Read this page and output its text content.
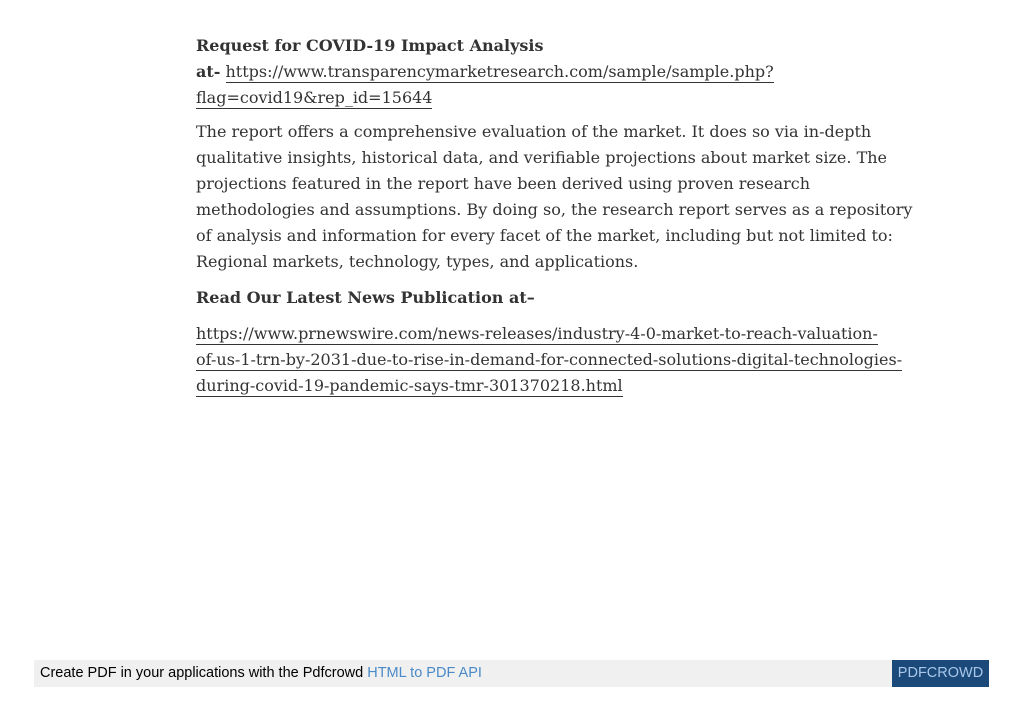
Request for COVID-19 Impact Analysis
at- https://www.transparencymarketresearch.com/sample/sample.php?
flag=covid19&rep_id=15644
The report offers a comprehensive evaluation of the market. It does so via in-depth
qualitative insights, historical data, and verifiable projections about market size. The
projections featured in the report have been derived using proven research
methodologies and assumptions. By doing so, the research report serves as a repository
of analysis and information for every facet of the market, including but not limited to:
Regional markets, technology, types, and applications.
Read Our Latest News Publication at–
https://www.prnewswire.com/news-releases/industry-4-0-market-to-reach-valuation-
of-us-1-trn-by-2031-due-to-rise-in-demand-for-connected-solutions-digital-technologies-
during-covid-19-pandemic-says-tmr-301370218.html
Create PDF in your applications with the Pdfcrowd HTML to PDF API	PDFCROWD
